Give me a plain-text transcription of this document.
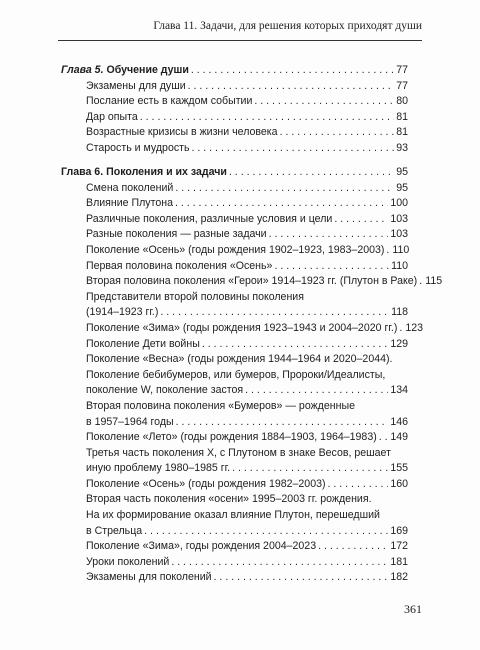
Глава 11. Задачи, для решения которых приходят души
Глава 5. Обучение души . . .	77
Экзамены для души . . .	77
Послание есть в каждом событии . . .	80
Дар опыта . . .	81
Возрастные кризисы в жизни человека . . .	81
Старость и мудрость . . .	93
Глава 6. Поколения и их задачи . . .	95
Смена поколений . . .	95
Влияние Плутона . . .	100
Различные поколения, различные условия и цели . . .	103
Разные поколения — разные задачи . . .	103
Поколение «Осень» (годы рождения 1902–1923, 1983–2003) . . . 110
Первая половина поколения «Осень» . . .	110
Вторая половина поколения «Герои» 1914–1923 гг. (Плутон в Раке) . . . 115
Представители второй половины поколения
(1914–1923 гг.) . . .	118
Поколение «Зима» (годы рождения 1923–1943 и 2004–2020 гг.) . . . 123
Поколение Дети войны . . .	129
Поколение «Весна» (годы рождения 1944–1964 и 2020–2044).
Поколение бебибумеров, или бумеров, Пророки/Идеалисты,
поколение W, поколение застоя . . .	134
Вторая половина поколения «Бумеров» — рожденные
в 1957–1964 годы . . .	146
Поколение «Лето» (годы рождения 1884–1903, 1964–1983) . . . 149
Третья часть поколения X, с Плутоном в знаке Весов, решает
иную проблему 1980–1985 гг. . . .	155
Поколение «Осень» (годы рождения 1982–2003) . . .	160
Вторая часть поколения «осени» 1995–2003 гг. рождения.
На их формирование оказал влияние Плутон, перешедший
в Стрельца . . .	169
Поколение «Зима», годы рождения 2004–2023 . . .	172
Уроки поколений . . .	181
Экзамены для поколений . . .	182
361
